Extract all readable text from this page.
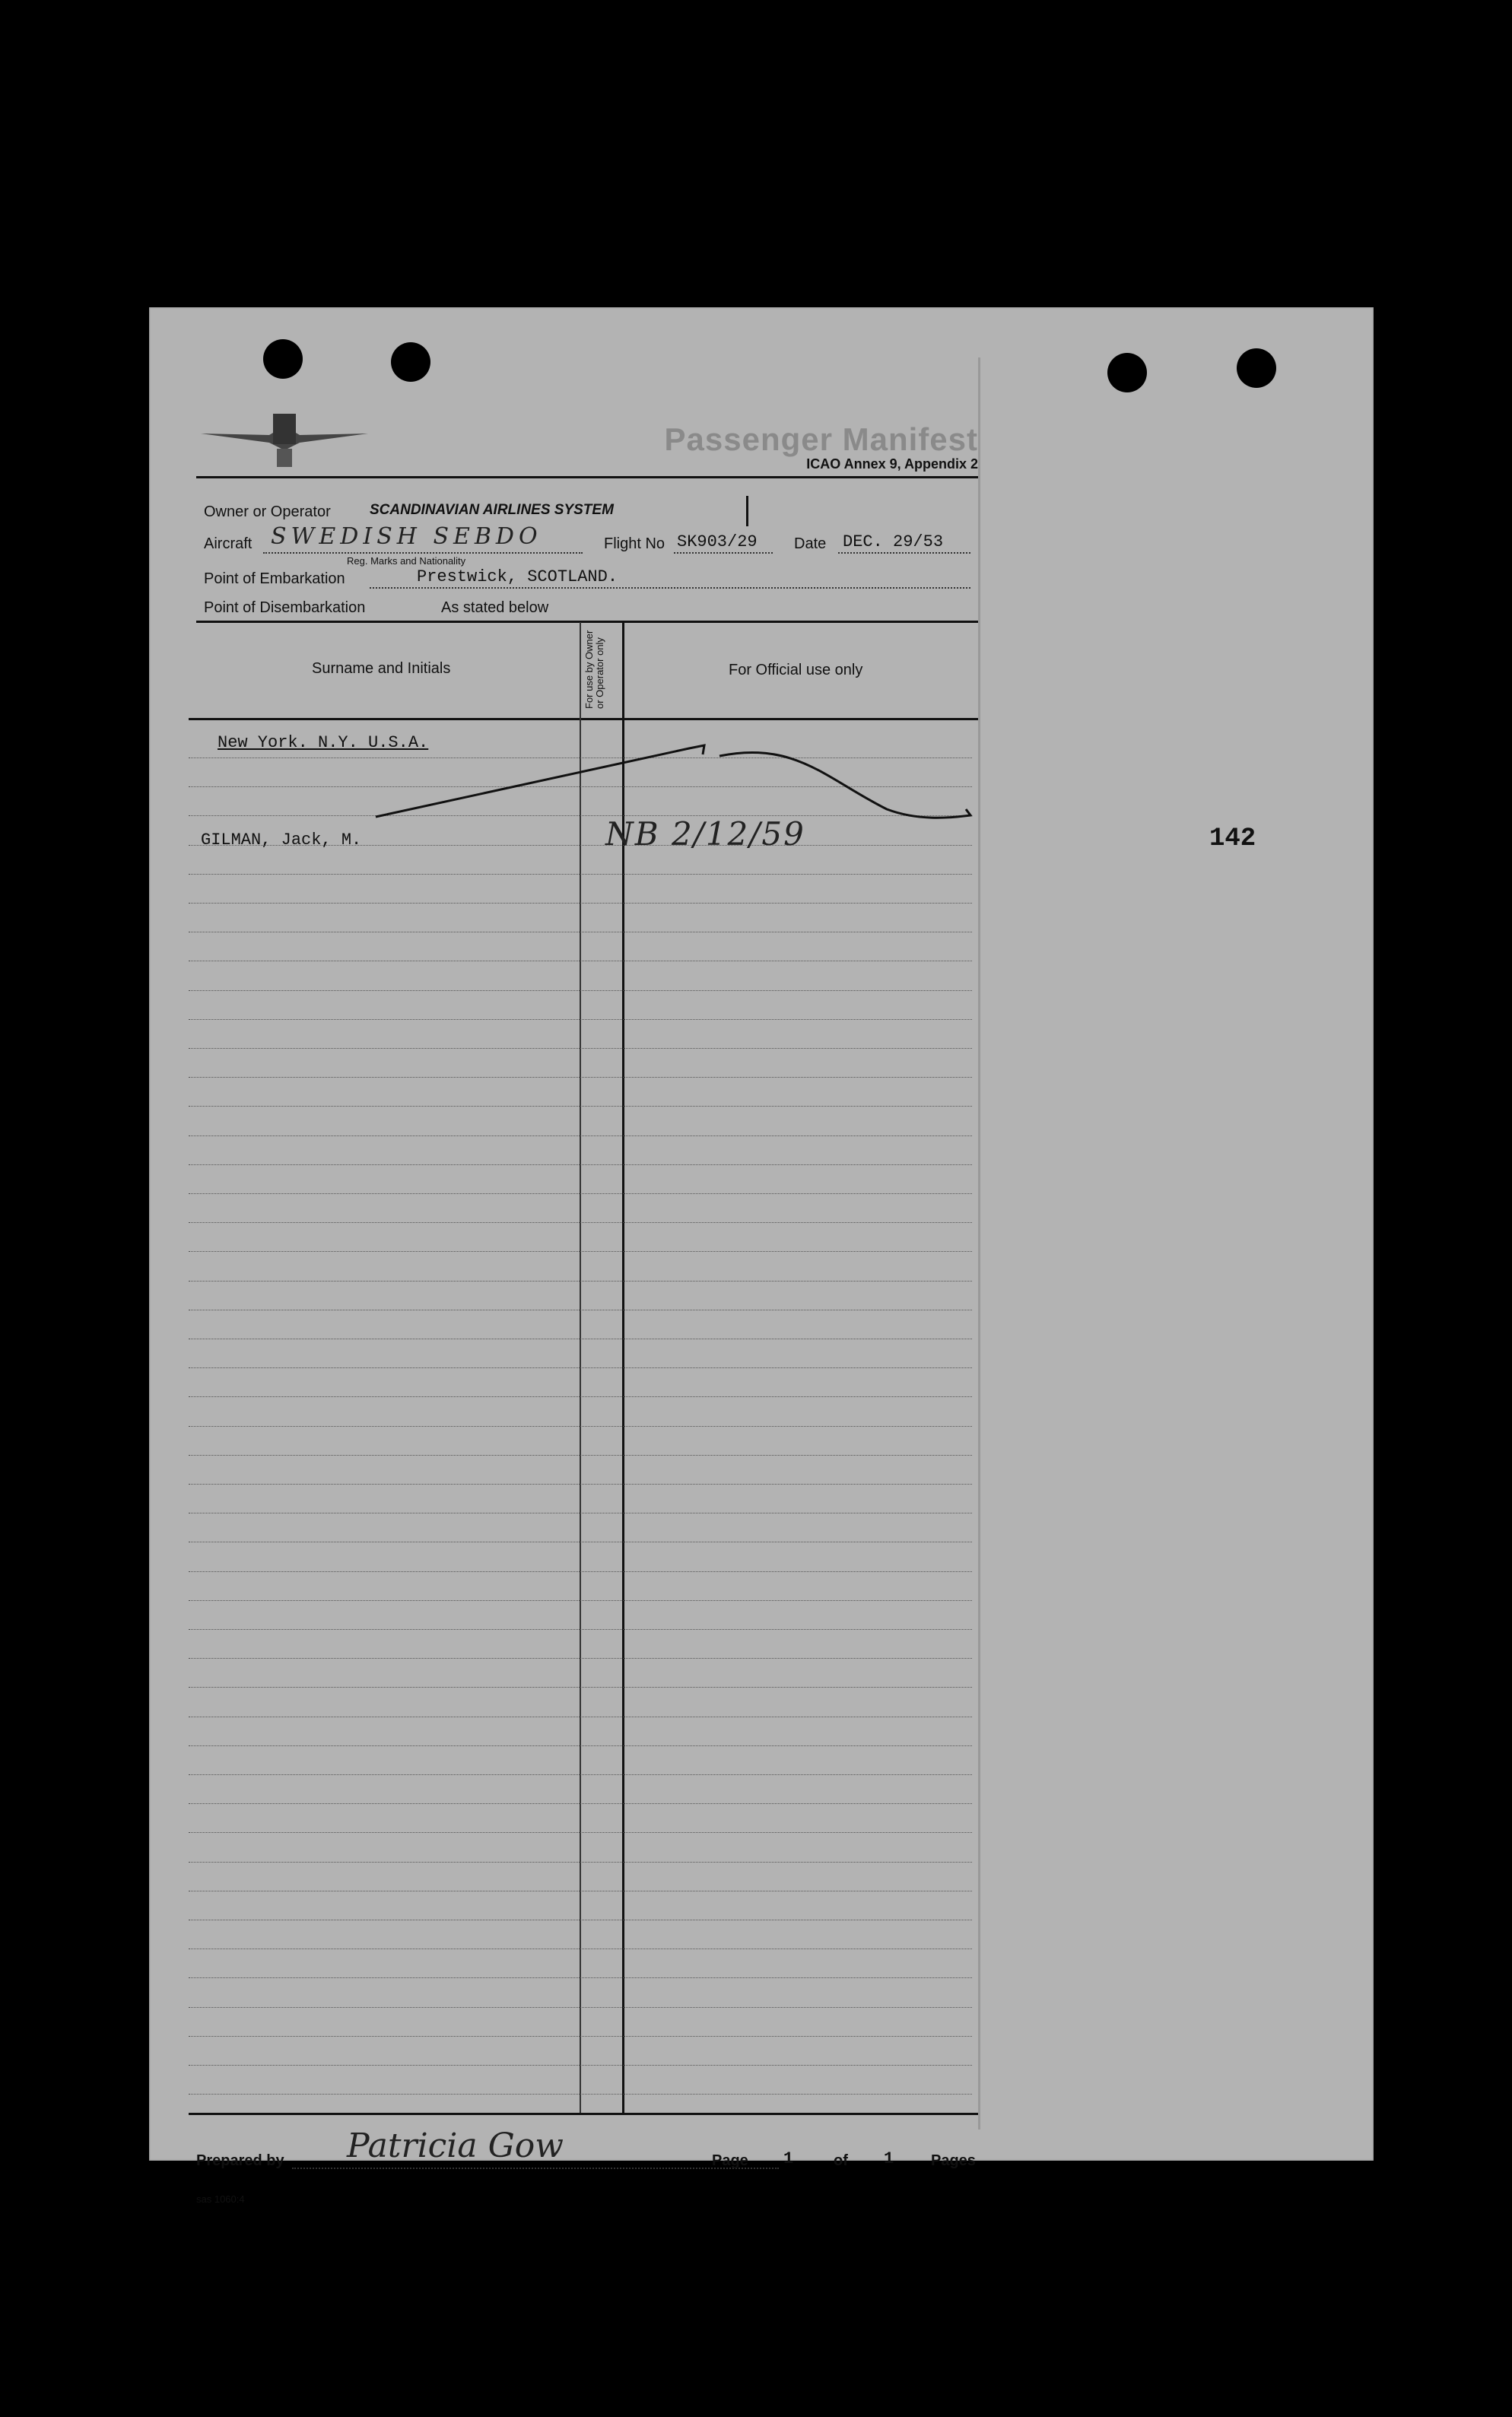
Passenger Manifest
ICAO Annex 9, Appendix 2
Owner or Operator	SCANDINAVIAN AIRLINES SYSTEM
Aircraft SWEDISH SEBDO
Reg. Marks and Nationality
Flight No SK903/29 Date DEC. 29/53
Point of Embarkation	Prestwick, SCOTLAND.
Point of Disembarkation	As stated below
Surname and Initials	For use by Owner or Operator only	For Official use only
New York. N.Y. U.S.A.
GILMAN, Jack, M.	NB 2/12/59
Prepared by Patricia Gow	Page 1	of 1 Pages
sas 1060:4
142
